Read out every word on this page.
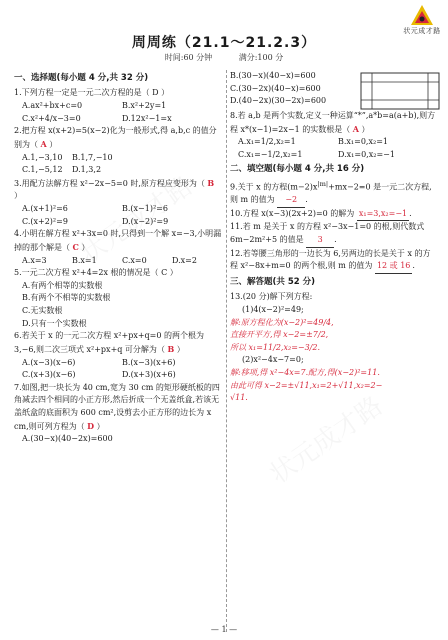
状元成才路
周周练（21.1～21.2.3）
时间:60 分钟	满分:100 分
一、选择题(每小题 4 分,共 32 分)
1.下列方程一定是一元二次方程的是（ D ）
A.ax²+bx+c=0	B.x²+2y=1
C.x²+4/x−3=0	D.12x²−1=x
2.把方程 x(x+2)=5(x−2)化为一般形式,得 a,b,c 的值分别为（ A ）
A.1,−3,10	B.1,7,−10
C.1,−5,12	D.1,3,2
3.用配方法解方程 x²−2x−5=0 时,原方程应变形为（ B ）
A.(x+1)²=6	B.(x−1)²=6
C.(x+2)²=9	D.(x−2)²=9
4.小明在解方程 x²+3x=0 时,只得到一个解 x=−3,小明漏掉的那个解是（ C ）
A.x=3	B.x=1	C.x=0	D.x=2
5.一元二次方程 x²+4=2x 根的情况是（ C ）
A.有两个相等的实数根
B.有两个不相等的实数根
C.无实数根
D.只有一个实数根
6.若关于 x 的一元二次方程 x²+px+q=0 的两个根为 3,−6,则二次三项式 x²+px+q 可分解为（ B ）
A.(x−3)(x−6)	B.(x−3)(x+6)
C.(x+3)(x−6)	D.(x+3)(x+6)
7.如图,把一块长为 40 cm,宽为 30 cm 的矩形硬纸板的四角减去四个相同的小正方形,然后折成一个无盖纸盒,若该无盖纸盒的底面积为 600 cm²,设剪去小正方形的边长为 x cm,则可列方程为（ D ）
A.(30−x)(40−2x)=600
B.(30−x)(40−x)=600
C.(30−2x)(40−x)=600
D.(40−2x)(30−2x)=600
8.若 a,b 是两个实数,定义一种运算“*”,a*b=a(a+b),则方程 x*(x−1)=2x−1 的实数根是（ A ）
A.x₁=1/2,x₂=1	B.x₁=0,x₂=1
C.x₁=−1/2,x₂=1	D.x₁=0,x₂=−1
二、填空题(每小题 4 分,共 16 分)
9.关于 x 的方程$(m-2)x^{|m|}+mx-2=0$ 是一元二次方程,则 m 的值为 −2 .
10.方程 x(x−3)(2x+2)=0 的解为 x₁=3,x₂=−1 .
11.若 m 是关于 x 的方程 x²−3x−1=0 的根,则代数式 6m−2m²+5 的值是 3 .
12.若等腰三角形的一边长为 6,另两边的长是关于 x 的方程 x²−8x+m=0 的两个根,则 m 的值为 12 或 16 .
三、解答题(共 52 分)
13.(20 分)解下列方程:
(1)4(x−2)²=49;
解:原方程化为(x−2)²=49/4,
直接开平方,得 x−2=±7/2,
所以 x₁=11/2,x₂=−3/2.
(2)x²−4x−7=0;
解:移项,得 x²−4x=7.配方,得(x−2)²=11.
由此可得 x−2=±√11,x₁=2+√11,x₂=2−
√11.
— 1 —
